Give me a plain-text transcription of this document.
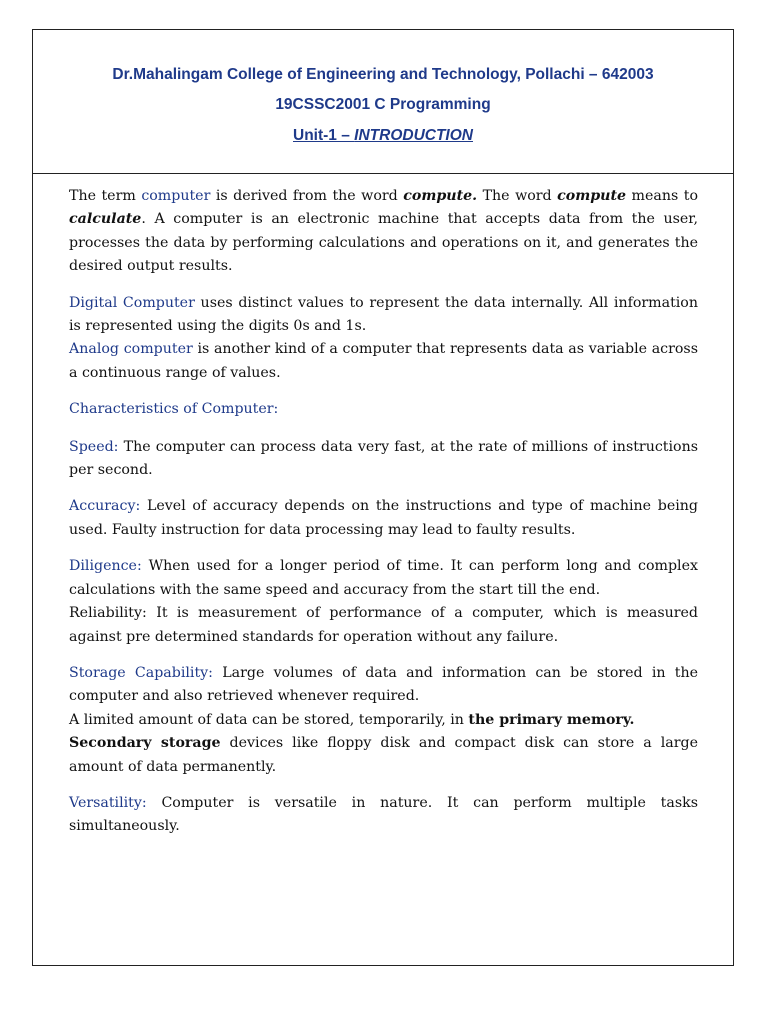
Dr.Mahalingam College of Engineering and Technology, Pollachi – 642003
19CSSC2001 C Programming
Unit-1 – INTRODUCTION

The term computer is derived from the word compute. The word compute means to calculate. A computer is an electronic machine that accepts data from the user, processes the data by performing calculations and operations on it, and generates the desired output results.

Digital Computer uses distinct values to represent the data internally. All information is represented using the digits 0s and 1s.

Analog computer is another kind of a computer that represents data as variable across a continuous range of values.

Characteristics of Computer:

Speed: The computer can process data very fast, at the rate of millions of instructions per second.

Accuracy: Level of accuracy depends on the instructions and type of machine being used. Faulty instruction for data processing may lead to faulty results.

Diligence: When used for a longer period of time. It can perform long and complex calculations with the same speed and accuracy from the start till the end.

Reliability: It is measurement of performance of a computer, which is measured against pre determined standards for operation without any failure.

Storage Capability: Large volumes of data and information can be stored in the computer and also retrieved whenever required.

A limited amount of data can be stored, temporarily, in the primary memory.

Secondary storage devices like floppy disk and compact disk can store a large amount of data permanently.

Versatility: Computer is versatile in nature. It can perform multiple tasks simultaneously.
